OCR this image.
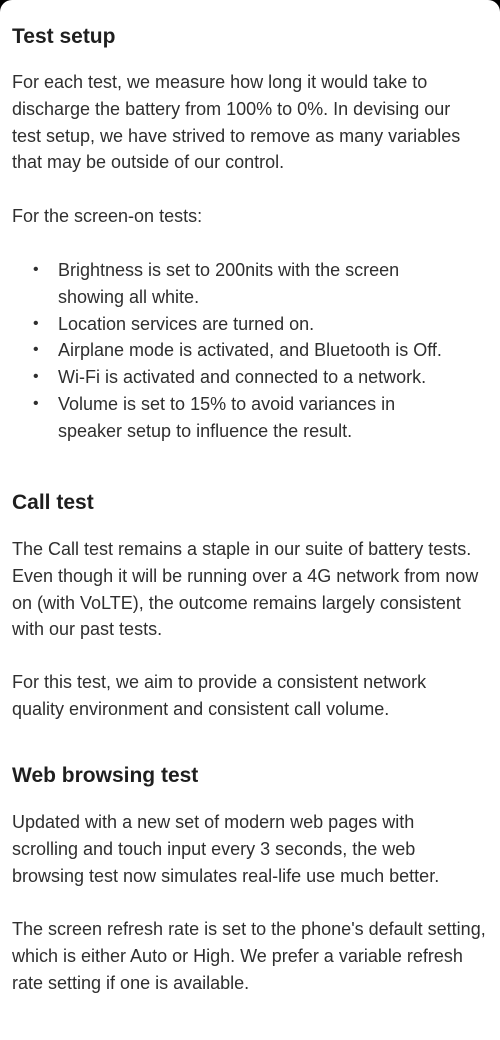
Test setup

For each test, we measure how long it would take to discharge the battery from 100% to 0%. In devising our test setup, we have strived to remove as many variables that may be outside of our control.

For the screen-on tests:

• Brightness is set to 200nits with the screen showing all white.
• Location services are turned on.
• Airplane mode is activated, and Bluetooth is Off.
• Wi-Fi is activated and connected to a network.
• Volume is set to 15% to avoid variances in speaker setup to influence the result.
Call test

The Call test remains a staple in our suite of battery tests. Even though it will be running over a 4G network from now on (with VoLTE), the outcome remains largely consistent with our past tests.

For this test, we aim to provide a consistent network quality environment and consistent call volume.

Web browsing test

Updated with a new set of modern web pages with scrolling and touch input every 3 seconds, the web browsing test now simulates real-life use much better.

The screen refresh rate is set to the phone's default setting, which is either Auto or High. We prefer a variable refresh rate setting if one is available.
